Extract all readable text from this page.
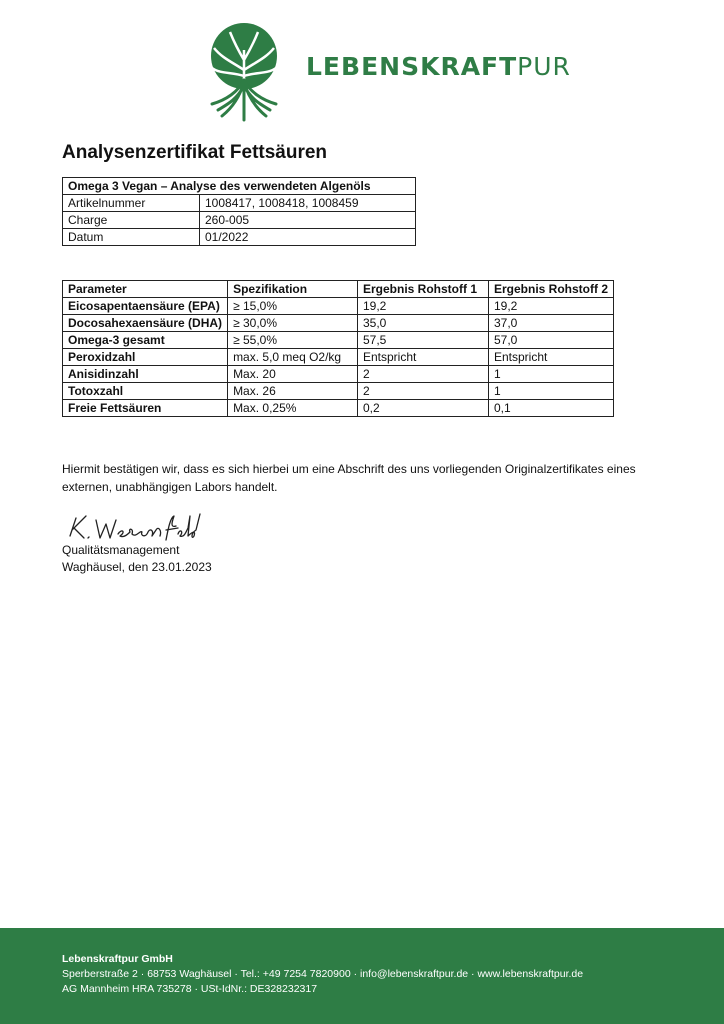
LEBENSKRAFTPUR
Analysenzertifikat Fettsäuren
Omega 3 Vegan – Analyse des verwendeten Algenöls	
Artikelnummer	1008417, 1008418, 1008459
Charge	260-005
Datum	01/2022
Parameter	Spezifikation	Ergebnis Rohstoff 1	Ergebnis Rohstoff 2
Eicosapentaensäure (EPA)	≥ 15,0%	19,2	19,2
Docosahexaensäure (DHA)	≥ 30,0%	35,0	37,0
Omega-3 gesamt	≥ 55,0%	57,5	57,0
Peroxidzahl	max. 5,0 meq O2/kg	Entspricht	Entspricht
Anisidinzahl	Max. 20	2	1
Totoxzahl	Max. 26	2	1
Freie Fettsäuren	Max. 0,25%	0,2	0,1

Hiermit bestätigen wir, dass es sich hierbei um eine Abschrift des uns vorliegenden Originalzertifikates eines externen, unabhängigen Labors handelt.

Qualitätsmanagement
Waghäusel, den 23.01.2023
Lebenskraftpur GmbH
Sperberstraße 2 · 68753 Waghäusel · Tel.: +49 7254 7820900 · info@lebenskraftpur.de · www.lebenskraftpur.de
AG Mannheim HRA 735278 · USt-IdNr.: DE328232317
